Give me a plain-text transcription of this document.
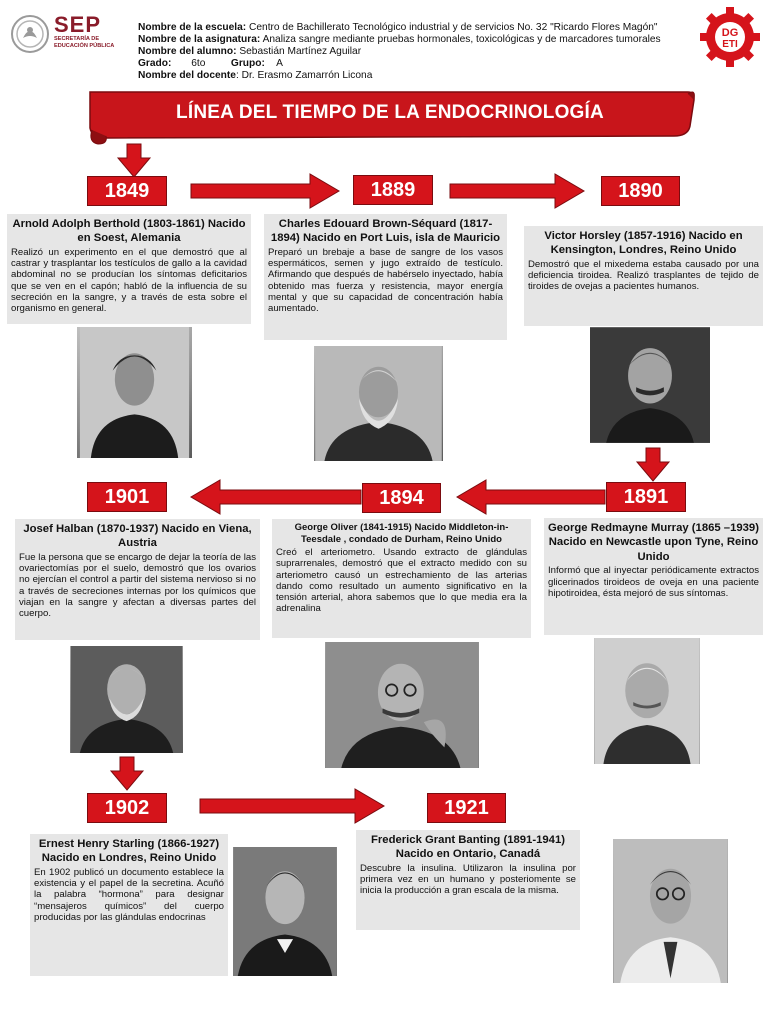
SEP
SECRETARÍA DE
EDUCACIÓN PÚBLICA
Nombre de la escuela: Centro de Bachillerato Tecnológico industrial y de servicios No. 32 "Ricardo Flores Magón"
Nombre de la asignatura: Analiza sangre mediante pruebas hormonales, toxicológicas y de marcadores tumorales
Nombre del alumno: Sebastián Martínez Aguilar
Grado: 6to Grupo: A
Nombre del docente: Dr. Erasmo Zamarrón Licona
DG
ETI
LÍNEA DEL TIEMPO DE LA ENDOCRINOLOGÍA
1849	1889	1890
1891
1894
1901
1902	1921
Arnold Adolph Berthold (1803-1861) Nacido en Soest, Alemania

Realizó un experimento en el que demostró que al castrar y trasplantar los testículos de gallo a la cavidad abdominal no se producían los síntomas deficitarios que se ven en el capón; habló de la influencia de su secreción en la sangre, y a través de esta sobre el organismo en general.

Charles Edouard Brown-Séquard (1817-1894) Nacido en Port Luis, isla de Mauricio

Preparó un brebaje a base de sangre de los vasos espermáticos, semen y jugo extraído de testículo. Afirmando que después de habérselo inyectado, había obtenido mas fuerza y resistencia, mayor energía mental y que su capacidad de concentración había aumentado.

Victor Horsley (1857-1916) Nacido en Kensington, Londres, Reino Unido

Demostró que el mixedema estaba causado por una deficiencia tiroidea. Realizó trasplantes de tejido de tiroides de ovejas a pacientes humanos.

George Redmayne Murray (1865 –1939) Nacido en Newcastle upon Tyne, Reino Unido

Informó que al inyectar periódicamente extractos glicerinados tiroideos de oveja en una paciente hipotiroidea, ésta mejoró de sus síntomas.

George Oliver (1841-1915) Nacido Middleton-in-Teesdale , condado de Durham, Reino Unido

Creó el arteriometro. Usando extracto de glándulas suprarrenales, demostró que el extracto medido con su arteriometro causó un estrechamiento de las arterias dando como resultado un aumento significativo en la tensión arterial, ahora sabemos que lo que media era la adrenalina

Josef Halban (1870-1937) Nacido en Viena, Austria

Fue la persona que se encargo de dejar la teoría de las ovariectomías por el suelo, demostró que los ovarios no ejercían el control a partir del sistema nervioso si no a través de secreciones internas por los químicos que viajan en la sangre y afectan a diversas partes del cuerpo.

Ernest Henry Starling (1866-1927) Nacido en Londres, Reino Unido

En 1902 publicó un documento establece la existencia y el papel de la secretina. Acuñó la palabra “hormona” para designar “mensajeros químicos” del cuerpo producidas por las glándulas endocrinas

Frederick Grant Banting (1891-1941) Nacido en Ontario, Canadá

Descubre la insulina. Utilizaron la insulina por primera vez en un humano y posteriomente se inicia la producción a gran escala de la misma.
